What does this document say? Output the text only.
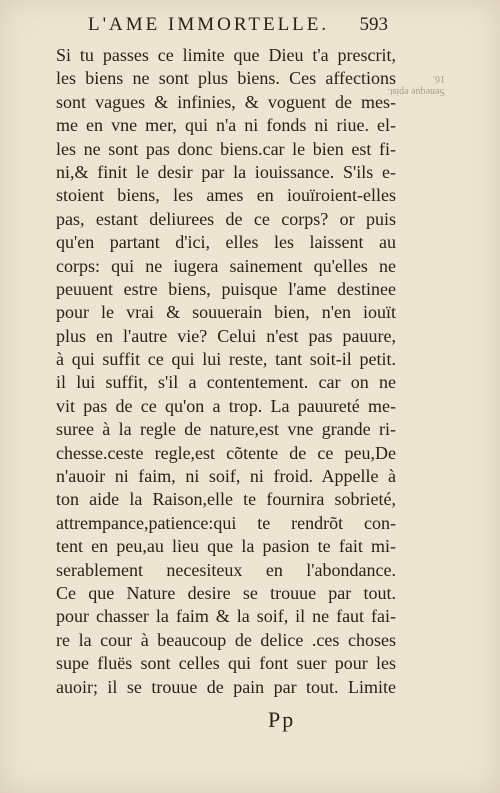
L'AME IMMORTELLE. 593
Seneque epist.
16.
Si tu passes ce limite que Dieu t'a prescrit,
les biens ne sont plus biens. Ces affections
sont vagues & infinies, & voguent de mes-
me en vne mer, qui n'a ni fonds ni riue. el-
les ne sont pas donc biens.car le bien est fi-
ni,& finit le desir par la iouissance. S'ils e-
stoient biens, les ames en iouïroient-elles
pas, estant deliurees de ce corps? or puis
qu'en partant d'ici, elles les laissent au
corps: qui ne iugera sainement qu'elles ne
peuuent estre biens, puisque l'ame destinee
pour le vrai & souuerain bien, n'en iouït
plus en l'autre vie? Celui n'est pas pauure,
à qui suffit ce qui lui reste, tant soit-il petit.
il lui suffit, s'il a contentement. car on ne
vit pas de ce qu'on a trop. La pauureté me-
suree à la regle de nature,est vne grande ri-
chesse.ceste regle,est cõtente de ce peu,De
n'auoir ni faim, ni soif, ni froid. Appelle à
ton aide la Raison,elle te fournira sobrieté,
attrempance,patience:qui te rendrõt con-
tent en peu,au lieu que la pasion te fait mi-
serablement necesiteux en l'abondance.
Ce que Nature desire se trouue par tout.
pour chasser la faim & la soif, il ne faut fai-
re la cour à beaucoup de delice .ces choses
supe fluës sont celles qui font suer pour les
auoir; il se trouue de pain par tout. Limite
Pp
